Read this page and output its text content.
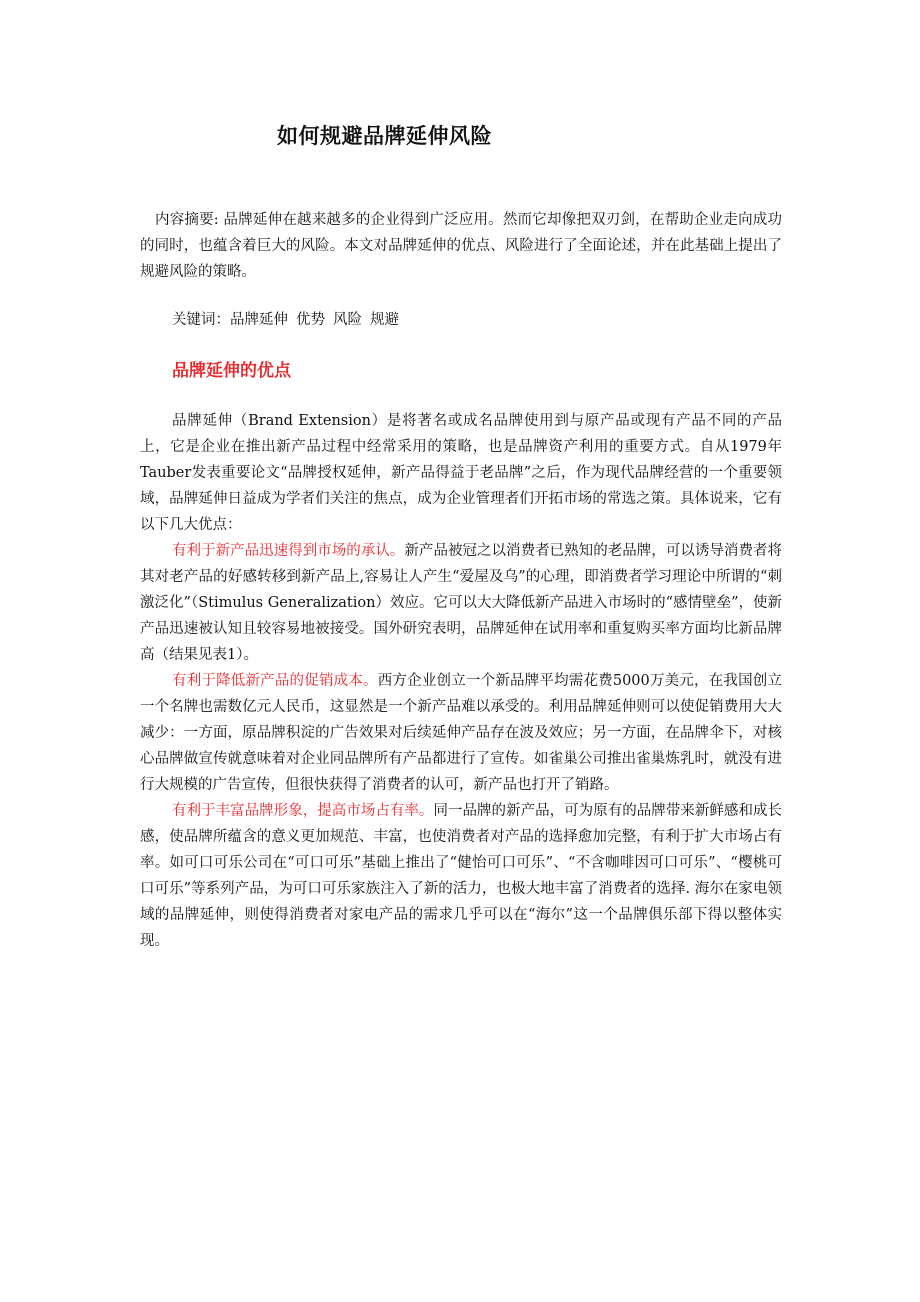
如何规避品牌延伸风险
内容摘要: 品牌延伸在越来越多的企业得到广泛应用。然而它却像把双刃剑，在帮助企业走向成功的同时，也蕴含着巨大的风险。本文对品牌延伸的优点、风险进行了全面论述，并在此基础上提出了规避风险的策略。
关键词：品牌延伸 优势 风险 规避
品牌延伸的优点

品牌延伸（Brand Extension）是将著名或成名品牌使用到与原产品或现有产品不同的产品上，它是企业在推出新产品过程中经常采用的策略，也是品牌资产利用的重要方式。自从1979年Tauber发表重要论文“品牌授权延伸，新产品得益于老品牌”之后，作为现代品牌经营的一个重要领域，品牌延伸日益成为学者们关注的焦点，成为企业管理者们开拓市场的常选之策。具体说来，它有以下几大优点：

有利于新产品迅速得到市场的承认。新产品被冠之以消费者已熟知的老品牌，可以诱导消费者将其对老产品的好感转移到新产品上,容易让人产生“爱屋及乌”的心理，即消费者学习理论中所谓的“刺激泛化”（Stimulus Generalization）效应。它可以大大降低新产品进入市场时的“感情壁垒”，使新产品迅速被认知且较容易地被接受。国外研究表明，品牌延伸在试用率和重复购买率方面均比新品牌高（结果见表1）。

有利于降低新产品的促销成本。西方企业创立一个新品牌平均需花费5000万美元，在我国创立一个名牌也需数亿元人民币，这显然是一个新产品难以承受的。利用品牌延伸则可以使促销费用大大减少：一方面，原品牌积淀的广告效果对后续延伸产品存在波及效应；另一方面，在品牌伞下，对核心品牌做宣传就意味着对企业同品牌所有产品都进行了宣传。如雀巢公司推出雀巢炼乳时，就没有进行大规模的广告宣传，但很快获得了消费者的认可，新产品也打开了销路。

有利于丰富品牌形象，提高市场占有率。同一品牌的新产品，可为原有的品牌带来新鲜感和成长感，使品牌所蕴含的意义更加规范、丰富，也使消费者对产品的选择愈加完整，有利于扩大市场占有率。如可口可乐公司在“可口可乐”基础上推出了“健怡可口可乐”、“不含咖啡因可口可乐”、“樱桃可口可乐”等系列产品，为可口可乐家族注入了新的活力，也极大地丰富了消费者的选择. 海尔在家电领域的品牌延伸，则使得消费者对家电产品的需求几乎可以在“海尔”这一个品牌俱乐部下得以整体实现。
